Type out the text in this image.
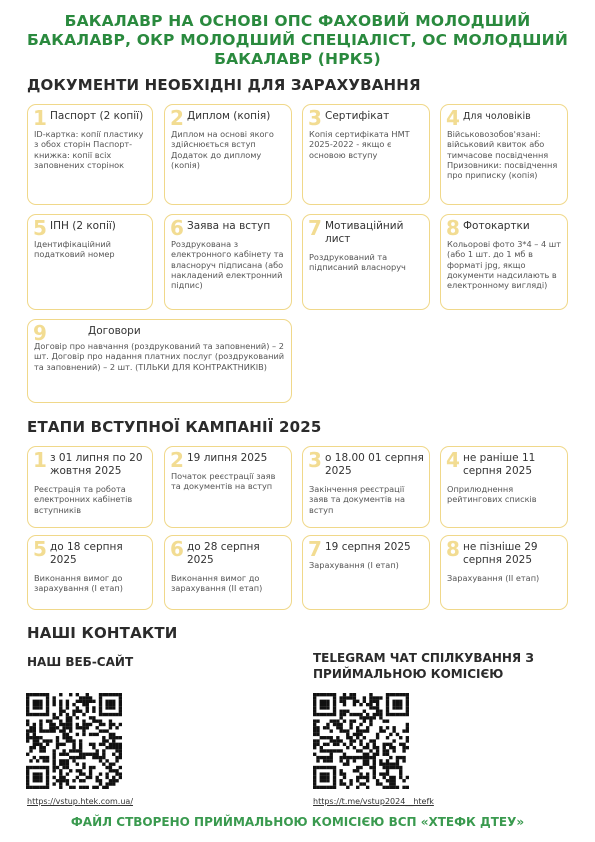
БАКАЛАВР НА ОСНОВІ ОПС ФАХОВИЙ МОЛОДШИЙ БАКАЛАВР, ОКР МОЛОДШИЙ СПЕЦІАЛІСТ, ОС МОЛОДШИЙ БАКАЛАВР (НРК5)
ДОКУМЕНТИ НЕОБХІДНІ ДЛЯ ЗАРАХУВАННЯ
1 Паспорт (2 копії)
ID-картка: копії пластику з обох сторін Паспорт-книжка: копії всіх заповнених сторінок
2 Диплом (копія)
Диплом на основі якого здійснюється вступ Додаток до диплому (копія)
3 Сертифікат
Копія сертифіката НМТ 2025-2022 - якщо є основою вступу
4 Для чоловіків
Військовозобов'язані: військовий квиток або тимчасове посвідчення Призовники: посвідчення про приписку (копія)
5 ІПН (2 копії)
Ідентифікаційний податковий номер
6 Заява на вступ
Роздрукована з електронного кабінету та власноруч підписана (або накладений електронний підпис)
7 Мотиваційний лист
Роздрукований та підписаний власноруч
8 Фотокартки
Кольорові фото 3*4 – 4 шт (або 1 шт. до 1 мб в форматі jpg, якщо документи надсилають в електронному вигляді)
9	Договори
Договір про навчання (роздрукований та заповнений) – 2 шт. Договір про надання платних послуг (роздрукований та заповнений) – 2 шт. (ТІЛЬКИ ДЛЯ КОНТРАКТНИКІВ)
ЕТАПИ ВСТУПНОЇ КАМПАНІЇ 2025
1 з 01 липня по 20 жовтня 2025
Реєстрація та робота електронних кабінетів вступників
2 19 липня 2025
Початок реєстрації заяв та документів на вступ
3 о 18.00 01 серпня 2025
Закінчення реєстрації заяв та документів на вступ
4 не раніше 11 серпня 2025
Оприлюднення рейтингових списків
5 до 18 серпня 2025
Виконання вимог до зарахування (І етап)
6 до 28 серпня 2025
Виконання вимог до зарахування (ІІ етап)
7 19 серпня 2025
Зарахування (І етап)
8 не пізніше 29 серпня 2025
Зарахування (ІІ етап)
НАШІ КОНТАКТИ
НАШ ВЕБ-САЙТ	TELEGRAM ЧАТ СПІЛКУВАННЯ З ПРИЙМАЛЬНОЮ КОМІСІЄЮ
https://vstup.htek.com.ua/	https://t.me/vstup2024__htefk
ФАЙЛ СТВОРЕНО ПРИЙМАЛЬНОЮ КОМІСІЄЮ ВСП «ХТЕФК ДТЕУ»
